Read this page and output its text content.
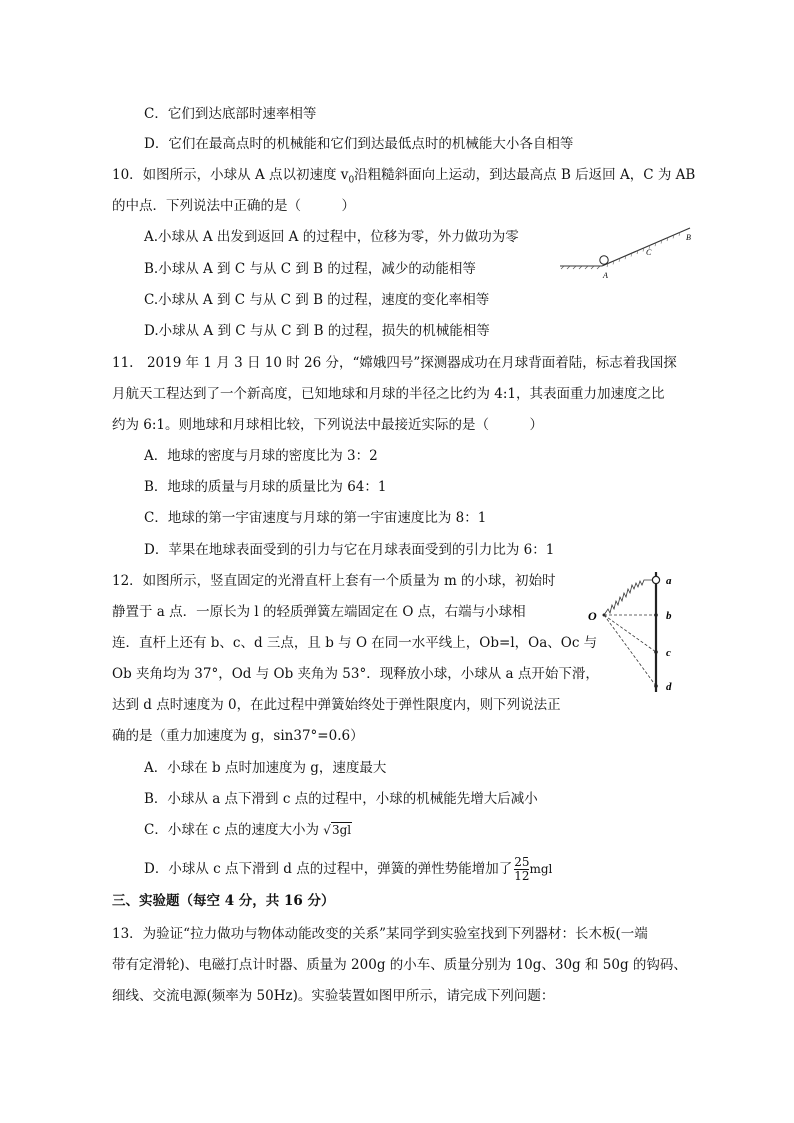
C．它们到达底部时速率相等
D．它们在最高点时的机械能和它们到达最低点时的机械能大小各自相等
10．如图所示，小球从 A 点以初速度 $v_0$沿粗糙斜面向上运动，到达最高点 B 后返回 A，C 为 AB
的中点．下列说法中正确的是（　　　）
A.小球从 A 出发到返回 A 的过程中，位移为零，外力做功为零
B.小球从 A 到 C 与从 C 到 B 的过程，减少的动能相等
C.小球从 A 到 C 与从 C 到 B 的过程，速度的变化率相等
D.小球从 A 到 C 与从 C 到 B 的过程，损失的机械能相等
A
C
B
11.　2019 年 1 月 3 日 10 时 26 分，“嫦娥四号”探测器成功在月球背面着陆，标志着我国探
月航天工程达到了一个新高度，已知地球和月球的半径之比约为 4:1，其表面重力加速度之比
约为 6:1。则地球和月球相比较，下列说法中最接近实际的是（　　　）
A．地球的密度与月球的密度比为 3：2
B．地球的质量与月球的质量比为 64：1
C．地球的第一宇宙速度与月球的第一宇宙速度比为 8：1
D．苹果在地球表面受到的引力与它在月球表面受到的引力比为 6：1
12．如图所示，竖直固定的光滑直杆上套有一个质量为 m 的小球，初始时
静置于 a 点．一原长为 l 的轻质弹簧左端固定在 O 点，右端与小球相
连．直杆上还有 b、c、d 三点，且 b 与 O 在同一水平线上，Ob=l，Oa、Oc 与
Ob 夹角均为 37°，Od 与 Ob 夹角为 53°．现释放小球，小球从 a 点开始下滑，
达到 d 点时速度为 0，在此过程中弹簧始终处于弹性限度内，则下列说法正
确的是（重力加速度为 g，sin37°=0.6）
A．小球在 b 点时加速度为 g，速度最大
B．小球从 a 点下滑到 c 点的过程中，小球的机械能先增大后减小
C．小球在 c 点的速度大小为 √3gl
D．小球从 c 点下滑到 d 点的过程中，弹簧的弹性势能增加了 $\frac{25}{12}$ mgl
O
a
b
c
d
三、实验题（每空 4 分，共 16 分）
13．为验证“拉力做功与物体动能改变的关系”某同学到实验室找到下列器材：长木板(一端
带有定滑轮)、电磁打点计时器、质量为 200g 的小车、质量分别为 10g、30g 和 50g 的钩码、
细线、交流电源(频率为 50Hz)。实验装置如图甲所示，请完成下列问题：
